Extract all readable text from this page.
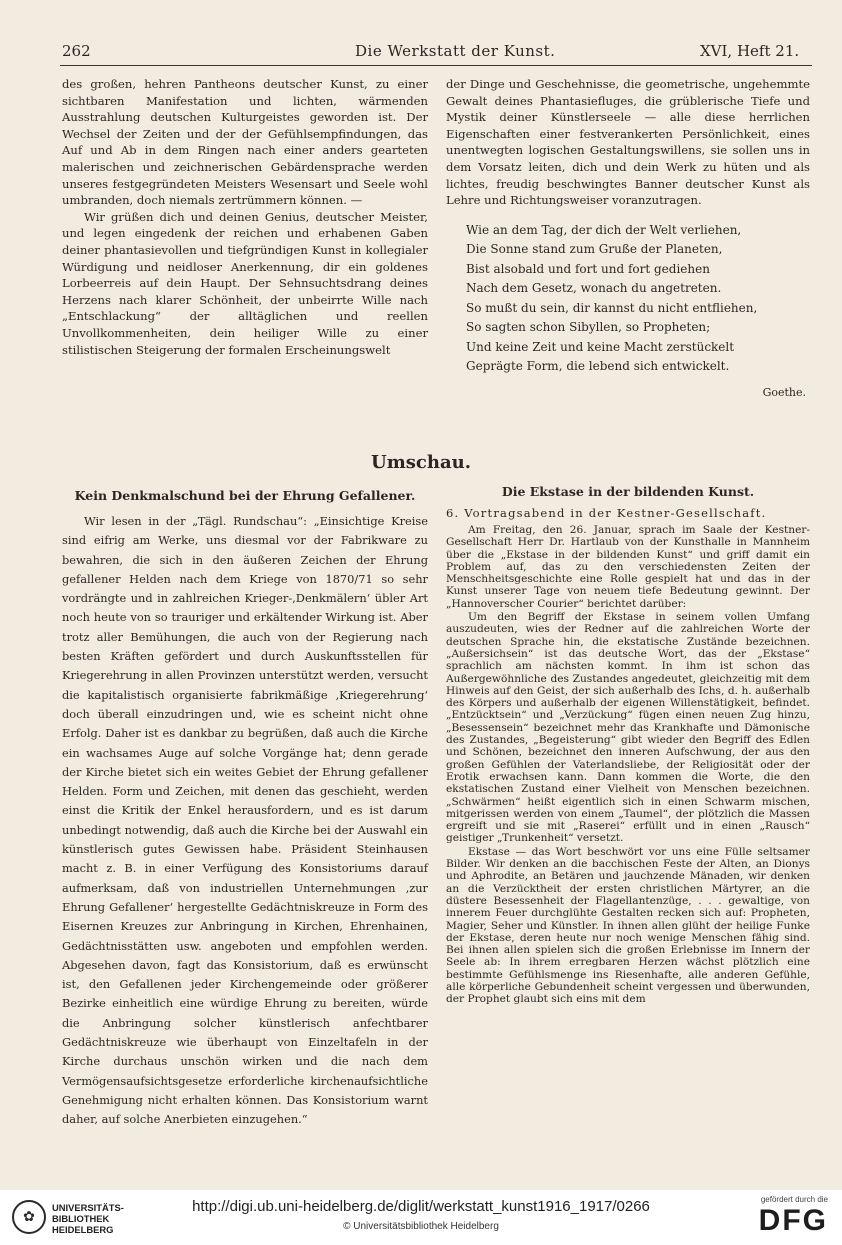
262	Die Werkstatt der Kunst.	XVI, Heft 21.

des großen, hehren Pantheons deutscher Kunst, zu einer sichtbaren Manifestation und lichten, wärmenden Ausstrahlung deutschen Kulturgeistes geworden ist. Der Wechsel der Zeiten und der der Gefühlsempfindungen, das Auf und Ab in dem Ringen nach einer anders gearteten malerischen und zeichnerischen Gebärdensprache werden unseres festgegründeten Meisters Wesensart und Seele wohl umbranden, doch niemals zertrümmern können. —

Wir grüßen dich und deinen Genius, deutscher Meister, und legen eingedenk der reichen und erhabenen Gaben deiner phantasievollen und tiefgründigen Kunst in kollegialer Würdigung und neidloser Anerkennung, dir ein goldenes Lorbeerreis auf dein Haupt. Der Sehnsuchtsdrang deines Herzens nach klarer Schönheit, der unbeirrte Wille nach „Entschlackung“ der alltäglichen und reellen Unvollkommenheiten, dein heiliger Wille zu einer stilistischen Steigerung der formalen Erscheinungswelt

der Dinge und Geschehnisse, die geometrische, ungehemmte Gewalt deines Phantasiefluges, die grüblerische Tiefe und Mystik deiner Künstlerseele — alle diese herrlichen Eigenschaften einer festverankerten Persönlichkeit, eines unentwegten logischen Gestaltungswillens, sie sollen uns in dem Vorsatz leiten, dich und dein Werk zu hüten und als lichtes, freudig beschwingtes Banner deutscher Kunst als Lehre und Richtungsweiser voranzutragen.

Wie an dem Tag, der dich der Welt verliehen,
Die Sonne stand zum Gruße der Planeten,
Bist alsobald und fort und fort gediehen
Nach dem Gesetz, wonach du angetreten.
So mußt du sein, dir kannst du nicht entfliehen,
So sagten schon Sibyllen, so Propheten;
Und keine Zeit und keine Macht zerstückelt
Geprägte Form, die lebend sich entwickelt.
Goethe.
Umschau.
Kein Denkmalschund bei der Ehrung Gefallener.	Die Ekstase in der bildenden Kunst.
6. Vortragsabend in der Kestner-Gesellschaft.

Wir lesen in der „Tägl. Rundschau“: „Einsichtige Kreise sind eifrig am Werke, uns diesmal vor der Fabrikware zu bewahren, die sich in den äußeren Zeichen der Ehrung gefallener Helden nach dem Kriege von 1870/71 so sehr vordrängte und in zahlreichen Krieger-‚Denkmälern‘ übler Art noch heute von so trauriger und erkältender Wirkung ist. Aber trotz aller Bemühungen, die auch von der Regierung nach besten Kräften gefördert und durch Auskunftsstellen für Kriegerehrung in allen Provinzen unterstützt werden, versucht die kapitalistisch organisierte fabrikmäßige ‚Kriegerehrung‘ doch überall einzudringen und, wie es scheint nicht ohne Erfolg. Daher ist es dankbar zu begrüßen, daß auch die Kirche ein wachsames Auge auf solche Vorgänge hat; denn gerade der Kirche bietet sich ein weites Gebiet der Ehrung gefallener Helden. Form und Zeichen, mit denen das geschieht, werden einst die Kritik der Enkel herausfordern, und es ist darum unbedingt notwendig, daß auch die Kirche bei der Auswahl ein künstlerisch gutes Gewissen habe. Präsident Steinhausen macht z. B. in einer Verfügung des Konsistoriums darauf aufmerksam, daß von industriellen Unternehmungen ‚zur Ehrung Gefallener‘ hergestellte Gedächtniskreuze in Form des Eisernen Kreuzes zur Anbringung in Kirchen, Ehrenhainen, Gedächtnisstätten usw. angeboten und empfohlen werden. Abgesehen davon, fagt das Konsistorium, daß es erwünscht ist, den Gefallenen jeder Kirchengemeinde oder größerer Bezirke einheitlich eine würdige Ehrung zu bereiten, würde die Anbringung solcher künstlerisch anfechtbarer Gedächtniskreuze wie überhaupt von Einzeltafeln in der Kirche durchaus unschön wirken und die nach dem Vermögensaufsichtsgesetze erforderliche kirchenaufsichtliche Genehmigung nicht erhalten können. Das Konsistorium warnt daher, auf solche Anerbieten einzugehen.“

Am Freitag, den 26. Januar, sprach im Saale der Kestner-Gesellschaft Herr Dr. Hartlaub von der Kunsthalle in Mannheim über die „Ekstase in der bildenden Kunst“ und griff damit ein Problem auf, das zu den verschiedensten Zeiten der Menschheitsgeschichte eine Rolle gespielt hat und das in der Kunst unserer Tage von neuem tiefe Bedeutung gewinnt. Der „Hannoverscher Courier“ berichtet darüber:

Um den Begriff der Ekstase in seinem vollen Umfang auszudeuten, wies der Redner auf die zahlreichen Worte der deutschen Sprache hin, die ekstatische Zustände bezeichnen. „Außersichsein“ ist das deutsche Wort, das der „Ekstase“ sprachlich am nächsten kommt. In ihm ist schon das Außergewöhnliche des Zustandes angedeutet, gleichzeitig mit dem Hinweis auf den Geist, der sich außerhalb des Ichs, d. h. außerhalb des Körpers und außerhalb der eigenen Willenstätigkeit, befindet. „Entzücktsein“ und „Verzückung“ fügen einen neuen Zug hinzu, „Besessensein“ bezeichnet mehr das Krankhafte und Dämonische des Zustandes, „Begeisterung“ gibt wieder den Begriff des Edlen und Schönen, bezeichnet den inneren Aufschwung, der aus den großen Gefühlen der Vaterlandsliebe, der Religiosität oder der Erotik erwachsen kann. Dann kommen die Worte, die den ekstatischen Zustand einer Vielheit von Menschen bezeichnen. „Schwärmen“ heißt eigentlich sich in einen Schwarm mischen, mitgerissen werden von einem „Taumel“, der plötzlich die Massen ergreift und sie mit „Raserei“ erfüllt und in einen „Rausch“ geistiger „Trunkenheit“ versetzt.

Ekstase — das Wort beschwört vor uns eine Fülle seltsamer Bilder. Wir denken an die bacchischen Feste der Alten, an Dionys und Aphrodite, an Betären und jauchzende Mänaden, wir denken an die Verzücktheit der ersten christlichen Märtyrer, an die düstere Besessenheit der Flagellantenzüge, . . . gewaltige, von innerem Feuer durchglühte Gestalten recken sich auf: Propheten, Magier, Seher und Künstler. In ihnen allen glüht der heilige Funke der Ekstase, deren heute nur noch wenige Menschen fähig sind. Bei ihnen allen spielen sich die großen Erlebnisse im Innern der Seele ab: In ihrem erregbaren Herzen wächst plötzlich eine bestimmte Gefühlsmenge ins Riesenhafte, alle anderen Gefühle, alle körperliche Gebundenheit scheint vergessen und überwunden, der Prophet glaubt sich eins mit dem

✿
UNIVERSITÄTS-
BIBLIOTHEK
HEIDELBERG
http://digi.ub.uni-heidelberg.de/diglit/werkstatt_kunst1916_1917/0266
© Universitätsbibliothek Heidelberg
gefördert durch die
DFG
